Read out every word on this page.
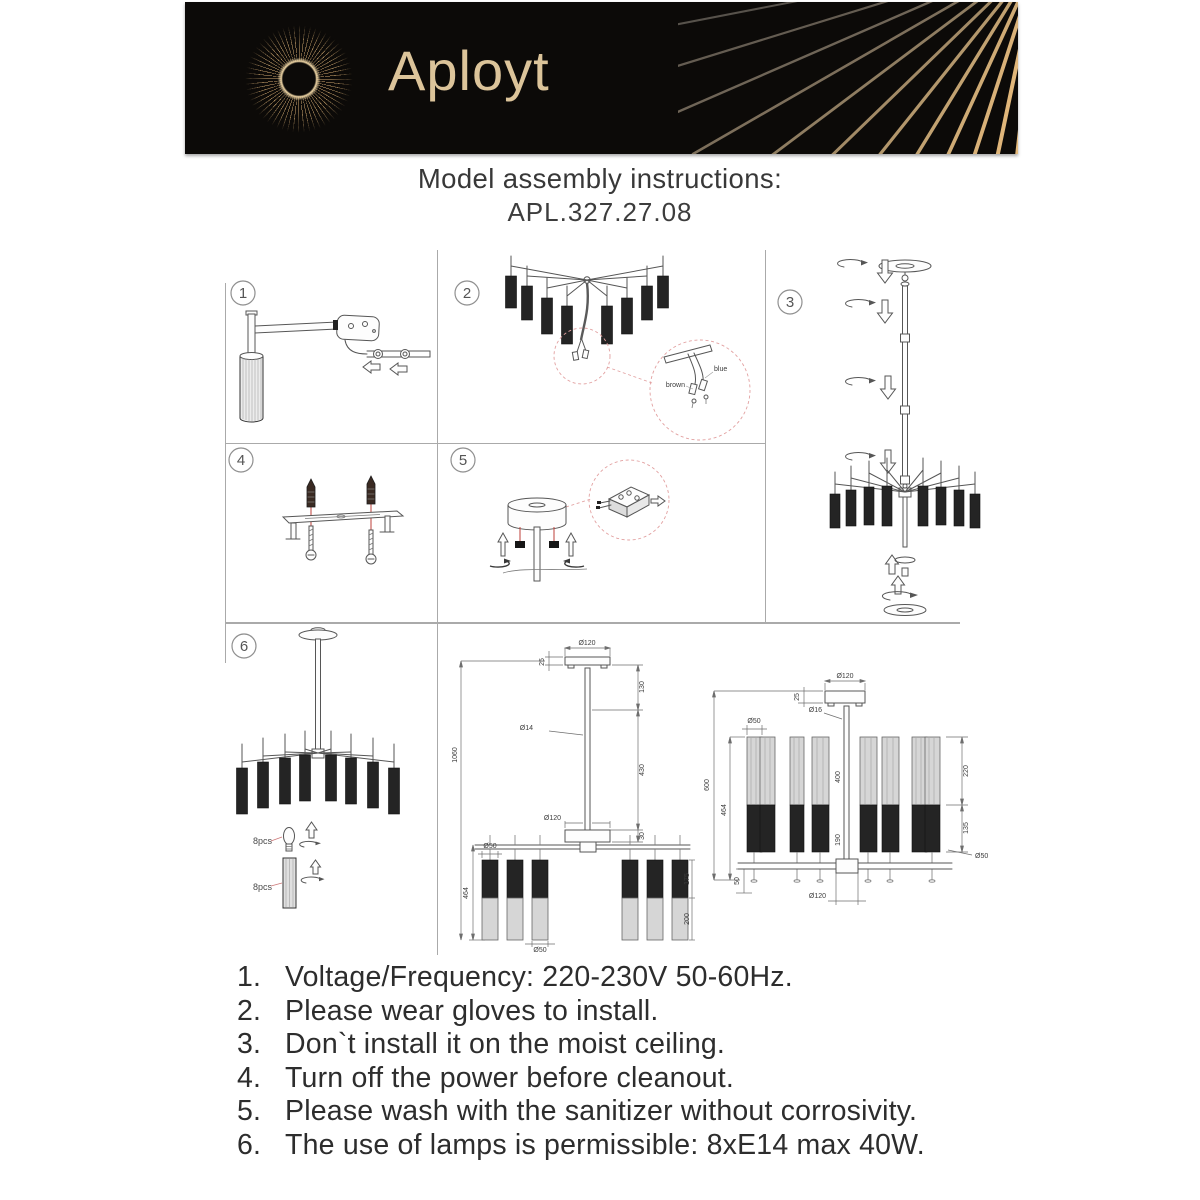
Aployt
Model assembly instructions:
APL.327.27.08
1	2
blue
brown
3
4	5
6
8pcs
8pcs
Ø120
25
1060
130
Ø14
430
Ø120
30
Ø50
464
175
200
Ø50
25
Ø120
Ø50
Ø16
600
464
400
190
220
135
Ø50
Ø120
50
1. Voltage/Frequency: 220-230V 50-60Hz.
2. Please wear gloves to install.
3. Don`t install it on the moist ceiling.
4. Turn off the power before cleanout.
5. Please wash with the sanitizer without corrosivity.
6. The use of lamps is permissible: 8xE14 max 40W.
